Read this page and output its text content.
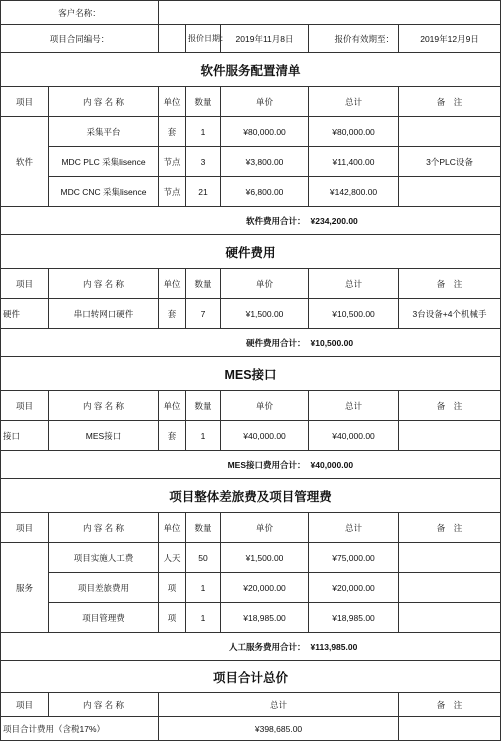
客户名称：						
项目合同编号：			报价日期：	2019年11月8日	报价有效期至：	2019年12月9日
软件服务配置清单						
项目	内 容 名 称	单位	数量	单价	总计	备　注
软件	采集平台	套	1	¥80,000.00	¥80,000.00	
	MDC PLC 采集lisence	节点	3	¥3,800.00	¥11,400.00	3个PLC设备
	MDC CNC 采集lisence	节点	21	¥6,800.00	¥142,800.00	
软件费用合计：					¥234,200.00	
硬件费用						
项目	内 容 名 称	单位	数量	单价	总计	备　注
硬件	串口转网口硬件	套	7	¥1,500.00	¥10,500.00	3台设备+4个机械手
硬件费用合计：					¥10,500.00	
MES接口						
项目	内 容 名 称	单位	数量	单价	总计	备　注
接口	MES接口	套	1	¥40,000.00	¥40,000.00	
MES接口费用合计：					¥40,000.00	
项目整体差旅费及项目管理费						
项目	内 容 名 称	单位	数量	单价	总计	备　注
服务	项目实施人工费	人天	50	¥1,500.00	¥75,000.00	
	项目差旅费用	项	1	¥20,000.00	¥20,000.00	
	项目管理费	项	1	¥18,985.00	¥18,985.00	
人工服务费用合计：					¥113,985.00	
项目合计总价						
项目	内 容 名 称	总计				备　注
项目合计费用（含税17%）		¥398,685.00				
